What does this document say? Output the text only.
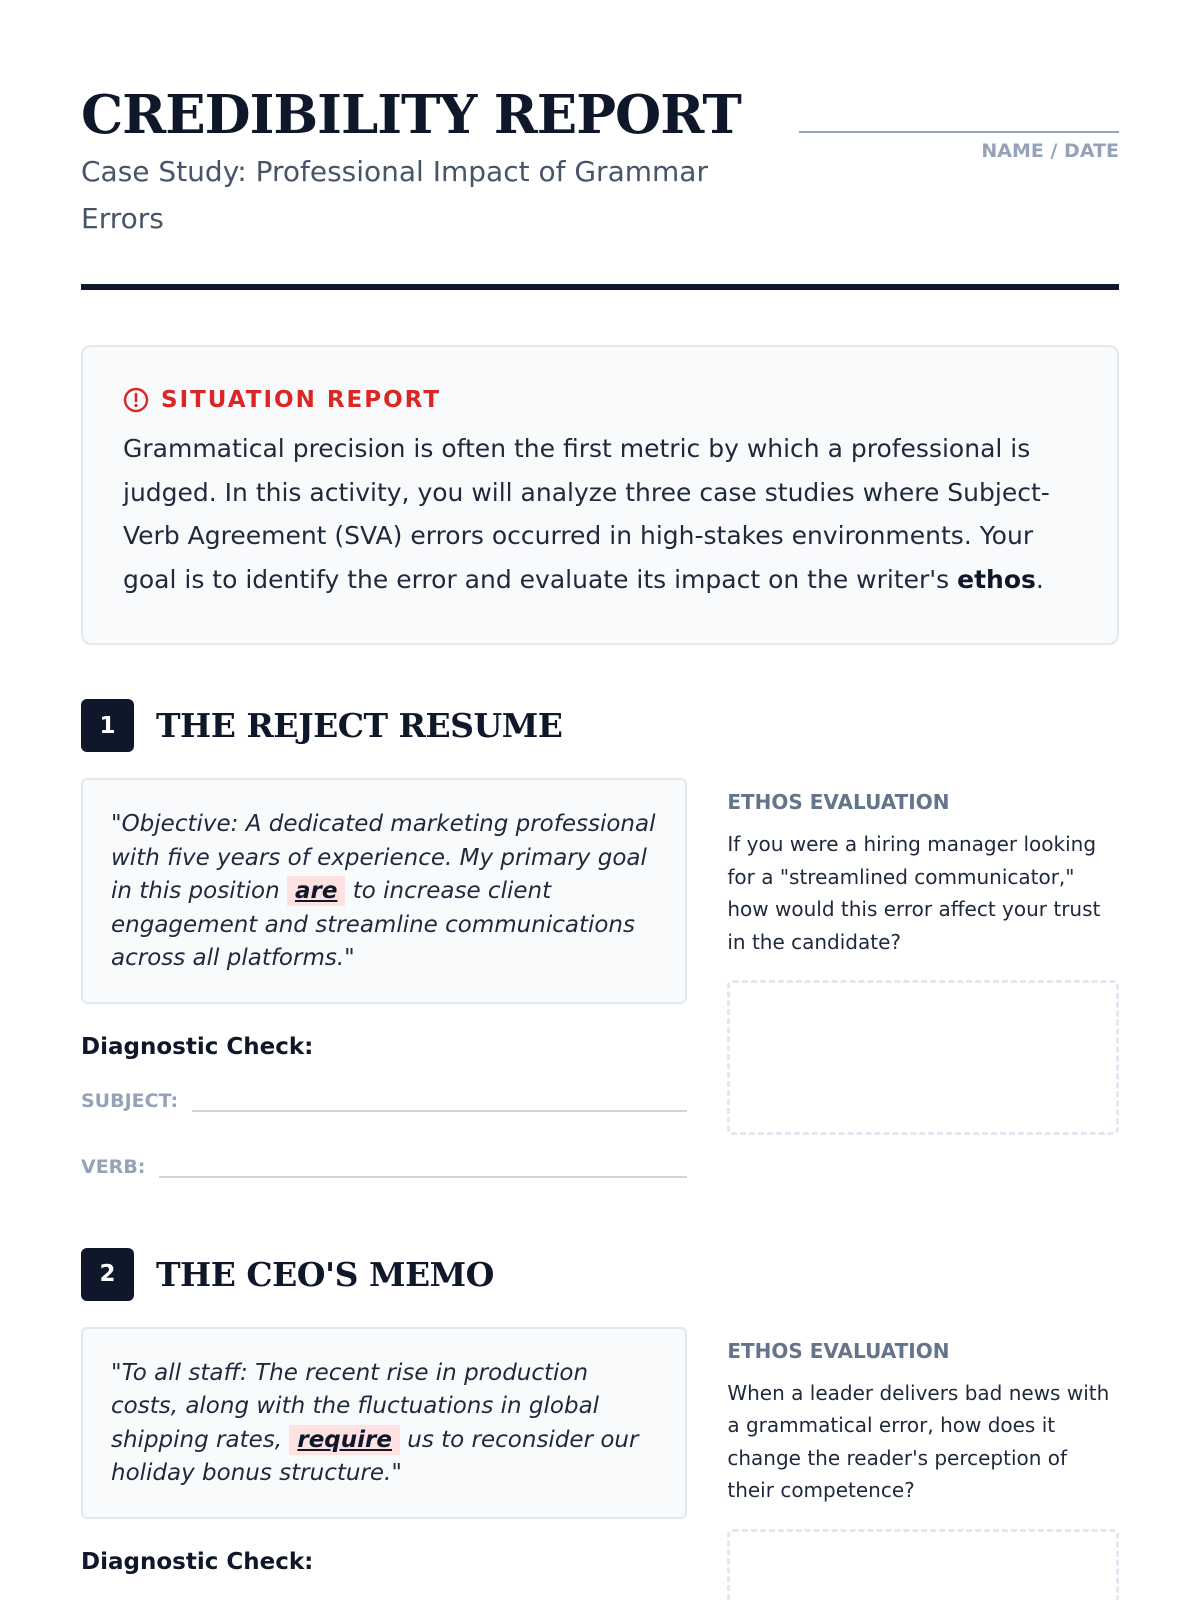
CREDIBILITY REPORT
Case Study: Professional Impact of Grammar Errors
NAME / DATE
SITUATION REPORT
Grammatical precision is often the first metric by which a professional is judged. In this activity, you will analyze three case studies where Subject-Verb Agreement (SVA) errors occurred in high-stakes environments. Your goal is to identify the error and evaluate its impact on the writer's ethos.
1	THE REJECT RESUME
"Objective: A dedicated marketing professional with five years of experience. My primary goal in this position are to increase client engagement and streamline communications across all platforms."
Diagnostic Check:
SUBJECT:
VERB:
ETHOS EVALUATION
If you were a hiring manager looking for a "streamlined communicator," how would this error affect your trust in the candidate?
2	THE CEO'S MEMO
"To all staff: The recent rise in production costs, along with the fluctuations in global shipping rates, require us to reconsider our holiday bonus structure."
Diagnostic Check:
ETHOS EVALUATION
When a leader delivers bad news with a grammatical error, how does it change the reader's perception of their competence?
